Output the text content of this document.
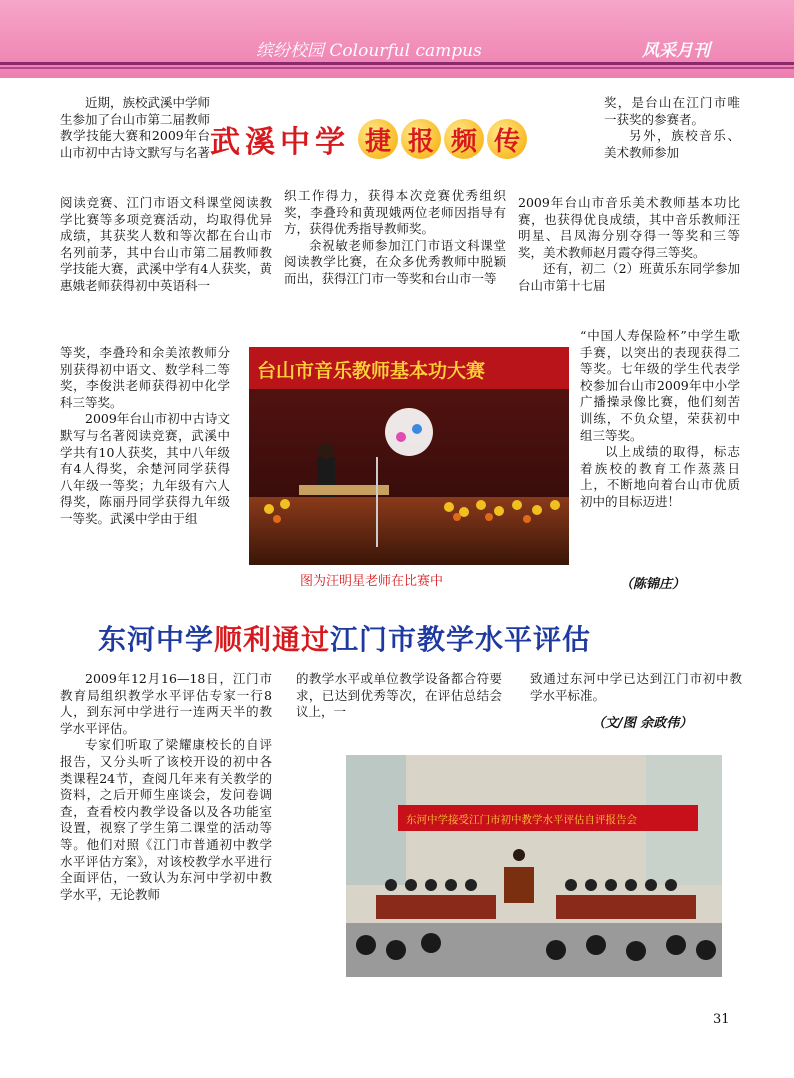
缤纷校园 Colourful campus	风采月刊
武溪中学 捷 报 频 传

近期，族校武溪中学师生参加了台山市第二届教师教学技能大赛和2009年台山市初中古诗文默写与名著

阅读竞赛、江门市语文科课堂阅读教学比赛等多项竞赛活动，均取得优异成绩，其获奖人数和等次都在台山市名列前茅，其中台山市第二届教师教学技能大赛，武溪中学有4人获奖，黄惠娥老师获得初中英语科一

等奖，李叠玲和余美浓教师分别获得初中语文、数学科二等奖，李俊洪老师获得初中化学科三等奖。

2009年台山市初中古诗文默写与名著阅读竞赛，武溪中学共有10人获奖，其中八年级有4人得奖，余楚河同学获得八年级一等奖；九年级有六人得奖，陈丽丹同学获得九年级一等奖。武溪中学由于组

织工作得力，获得本次竞赛优秀组织奖，李叠玲和黄现娥两位老师因指导有方，获得优秀指导教师奖。

余祝敏老师参加江门市语文科课堂阅读教学比赛，在众多优秀教师中脱颖而出，获得江门市一等奖和台山市一等

奖，是台山在江门市唯一获奖的参赛者。

另外，族校音乐、美术教师参加

2009年台山市音乐美术教师基本功比赛，也获得优良成绩，其中音乐教师汪明星、吕凤海分别夺得一等奖和三等奖，美术教师赵月霞夺得三等奖。

还有，初二（2）班黄乐东同学参加台山市第十七届

“中国人寿保险杯”中学生歌手赛，以突出的表现获得二等奖。七年级的学生代表学校参加台山市2009年中小学广播操录像比赛，他们刻苦训练，不负众望，荣获初中组三等奖。

以上成绩的取得，标志着族校的教育工作蒸蒸日上，不断地向着台山市优质初中的目标迈进！

台山市音乐教师基本功大赛
图为汪明星老师在比赛中	（陈锦庄）
东河中学顺利通过江门市教学水平评估

2009年12月16—18日，江门市教育局组织教学水平评估专家一行8人，到东河中学进行一连两天半的教学水平评估。

专家们听取了梁耀康校长的自评报告，又分头听了该校开设的初中各类课程24节，查阅几年来有关教学的资料，之后开师生座谈会，发问卷调查，查看校内教学设备以及各功能室设置，视察了学生第二课堂的活动等等。他们对照《江门市普通初中教学水平评估方案》，对该校教学水平进行全面评估，一致认为东河中学初中教学水平，无论教师

的教学水平或单位教学设备都合符要求，已达到优秀等次，在评估总结会议上，一

致通过东河中学已达到江门市初中教学水平标准。

（文/图 余政伟）
东河中学接受江门市初中教学水平评估自评报告会
31
